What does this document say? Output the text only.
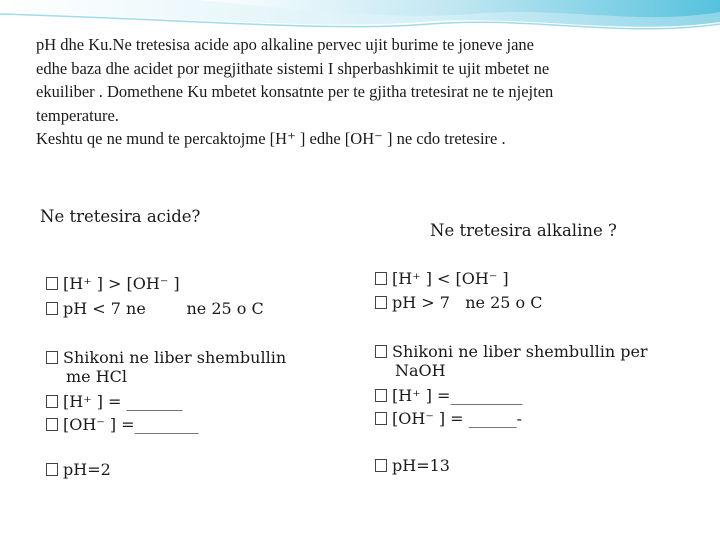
pH dhe Ku.Ne tretesisa acide apo alkaline pervec ujit burime te joneve jane

edhe baza dhe acidet por megjithate sistemi I shperbashkimit te ujit mbetet ne

ekuiliber . Domethene Ku mbetet konsatnte per te gjitha tretesirat ne te njejten

temperature.

Keshtu qe ne mund te percaktojme [H⁺ ] edhe [OH⁻ ] ne cdo tretesire .

Ne tretesira acide?
Ne tretesira alkaline ?
[H⁺ ] > [OH⁻ ]
pH < 7 ne        ne 25 o C
Shikoni ne liber shembullin
me HCl
[H⁺ ] = _______
[OH⁻ ] =________
pH=2
[H⁺ ] < [OH⁻ ]
pH > 7   ne 25 o C
Shikoni ne liber shembullin per
NaOH
[H⁺ ] =_________
[OH⁻ ] = ______-
pH=13
